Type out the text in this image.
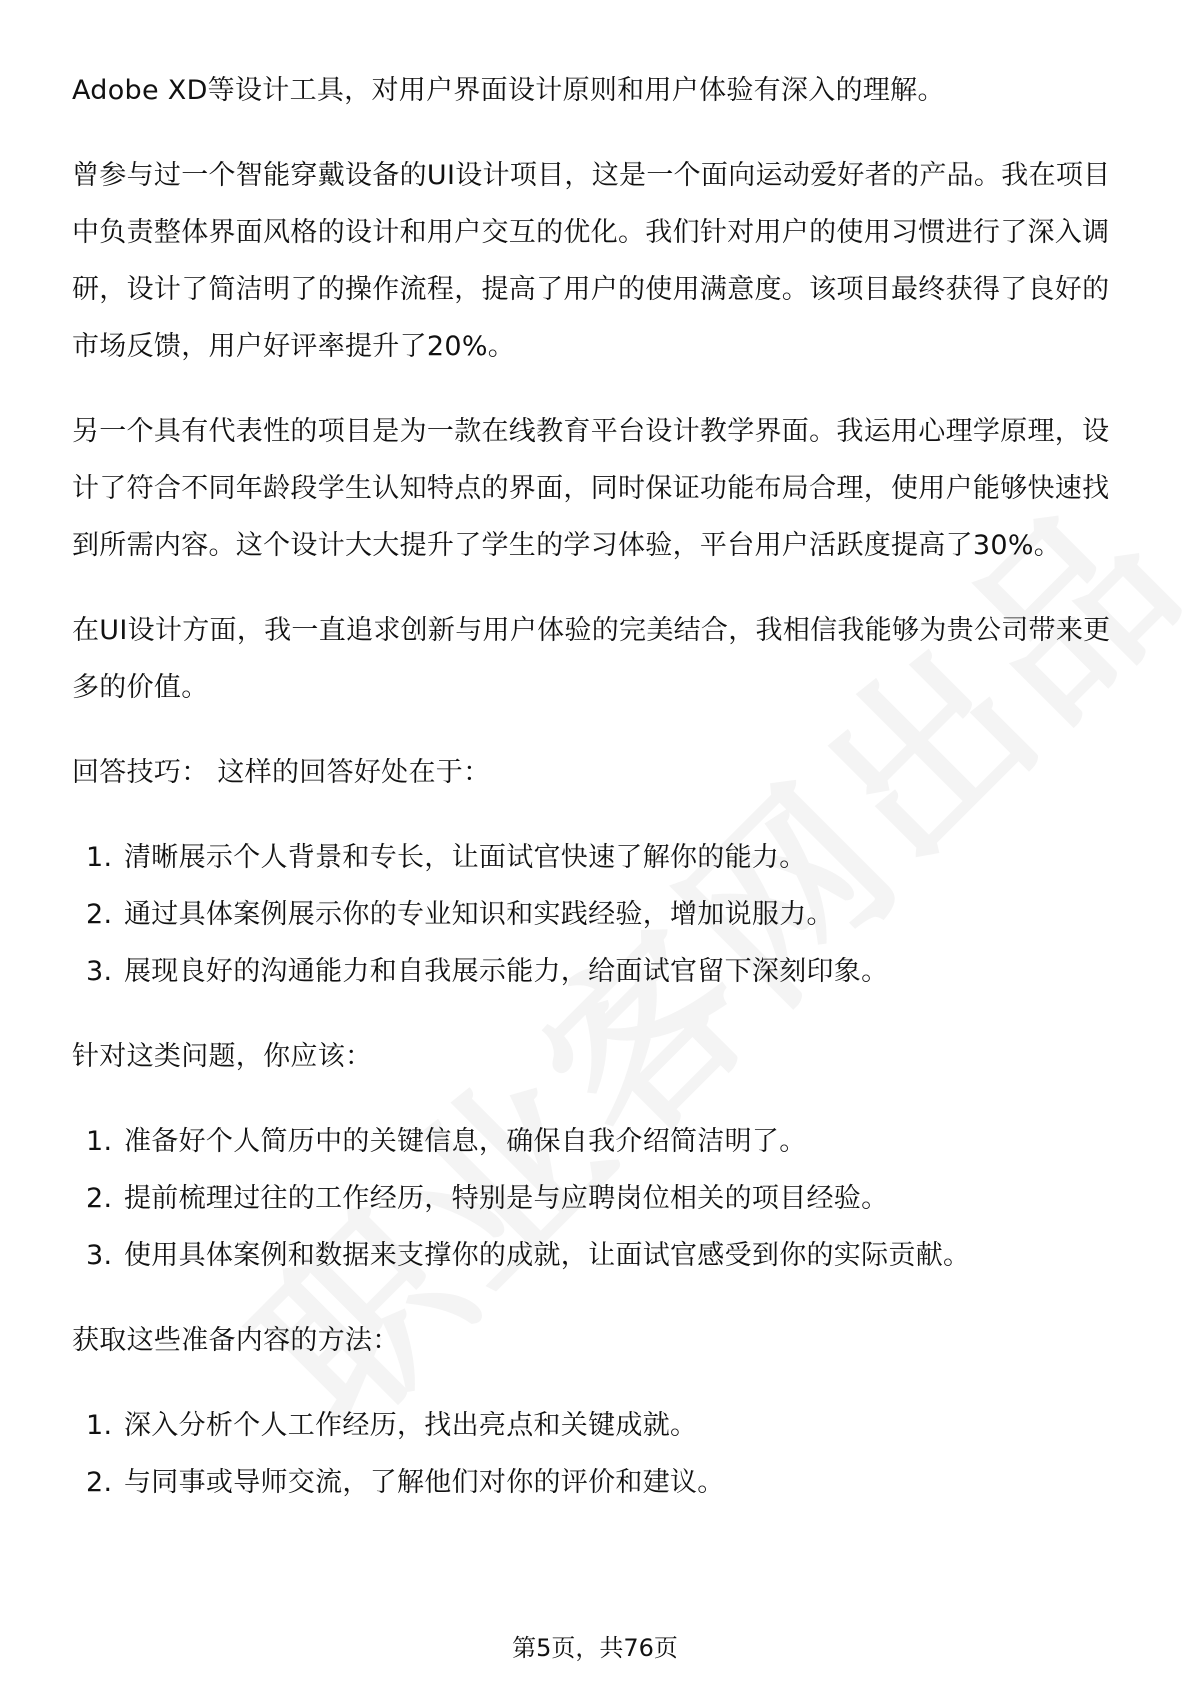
Adobe XD等设计工具，对用户界面设计原则和用户体验有深入的理解。

曾参与过一个智能穿戴设备的UI设计项目，这是一个面向运动爱好者的产品。我在项目中负责整体界面风格的设计和用户交互的优化。我们针对用户的使用习惯进行了深入调研，设计了简洁明了的操作流程，提高了用户的使用满意度。该项目最终获得了良好的市场反馈，用户好评率提升了20%。

另一个具有代表性的项目是为一款在线教育平台设计教学界面。我运用心理学原理，设计了符合不同年龄段学生认知特点的界面，同时保证功能布局合理，使用户能够快速找到所需内容。这个设计大大提升了学生的学习体验，平台用户活跃度提高了30%。

在UI设计方面，我一直追求创新与用户体验的完美结合，我相信我能够为贵公司带来更多的价值。

回答技巧： 这样的回答好处在于：

1. 清晰展示个人背景和专长，让面试官快速了解你的能力。
2. 通过具体案例展示你的专业知识和实践经验，增加说服力。
3. 展现良好的沟通能力和自我展示能力，给面试官留下深刻印象。

针对这类问题，你应该：

1. 准备好个人简历中的关键信息，确保自我介绍简洁明了。
2. 提前梳理过往的工作经历，特别是与应聘岗位相关的项目经验。
3. 使用具体案例和数据来支撑你的成就，让面试官感受到你的实际贡献。

获取这些准备内容的方法：

1. 深入分析个人工作经历，找出亮点和关键成就。
2. 与同事或导师交流，了解他们对你的评价和建议。
第5页，共76页
